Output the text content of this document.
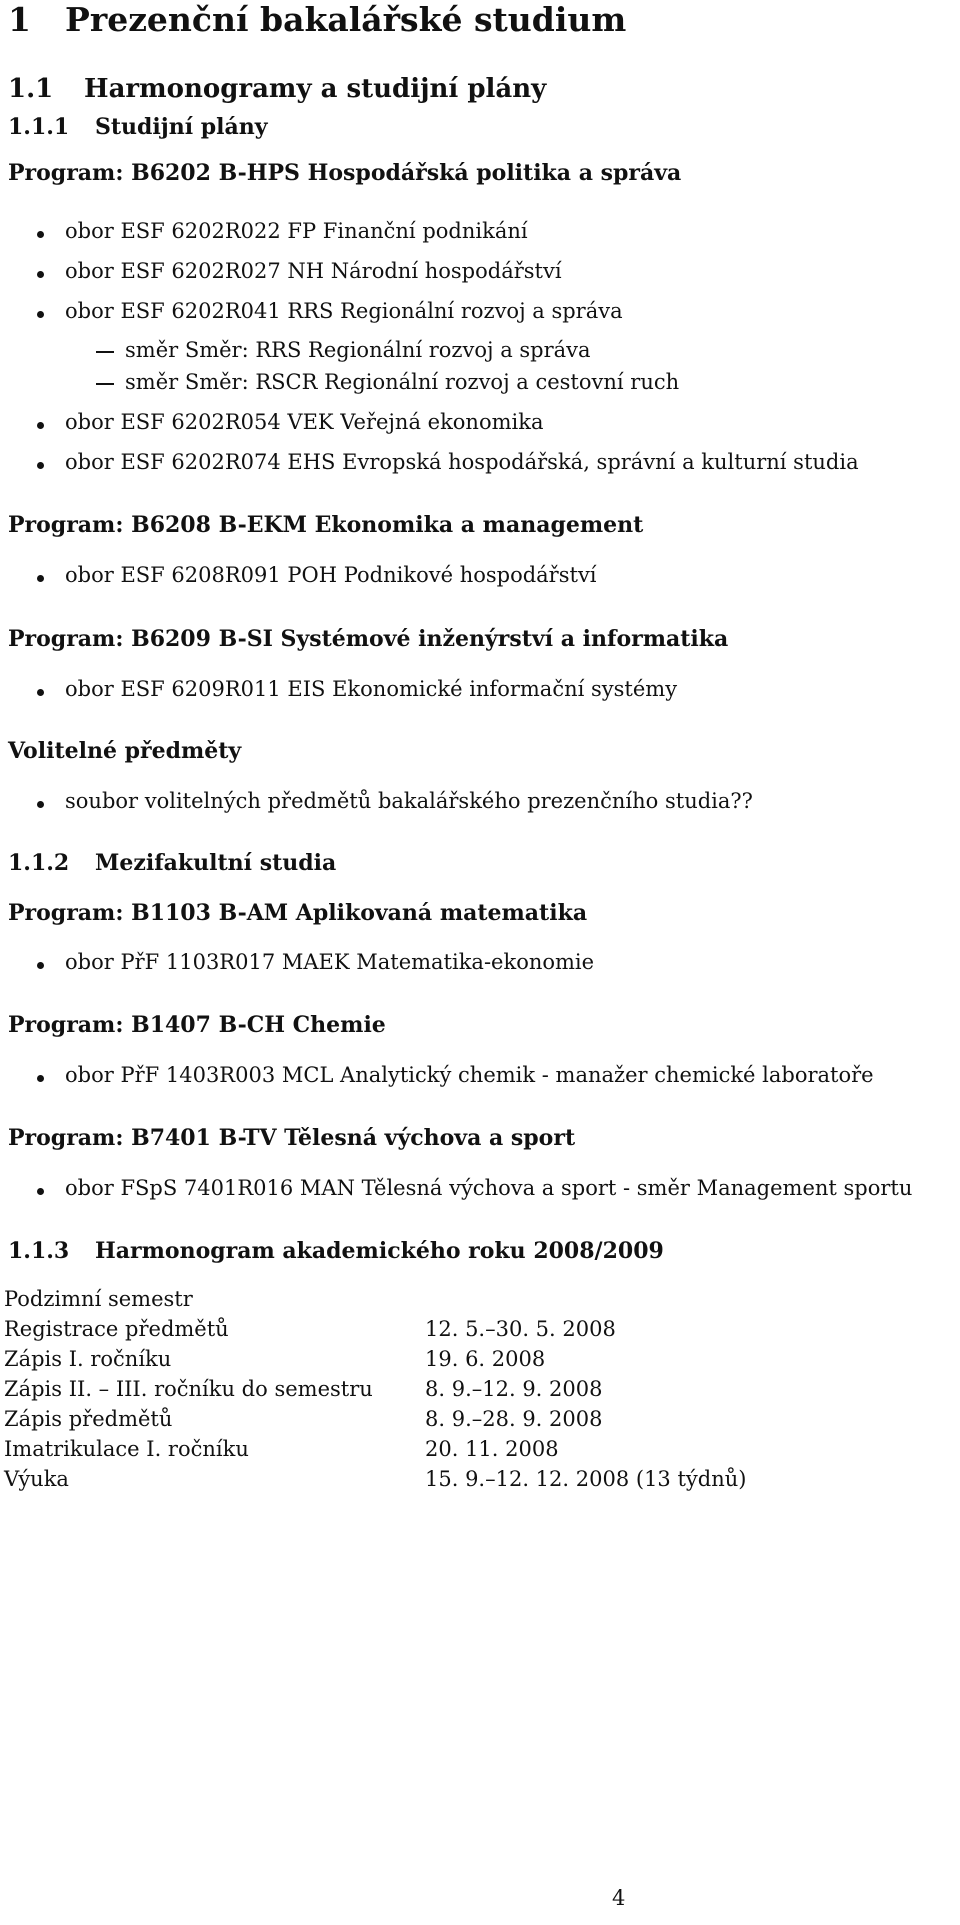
1 Prezenční bakalářské studium
1.1 Harmonogramy a studijní plány
1.1.1 Studijní plány
Program: B6202 B-HPS Hospodářská politika a správa
obor ESF 6202R022 FP Finanční podnikání
obor ESF 6202R027 NH Národní hospodářství
obor ESF 6202R041 RRS Regionální rozvoj a správa
směr Směr: RRS Regionální rozvoj a správa
směr Směr: RSCR Regionální rozvoj a cestovní ruch
obor ESF 6202R054 VEK Veřejná ekonomika
obor ESF 6202R074 EHS Evropská hospodářská, správní a kulturní studia
Program: B6208 B-EKM Ekonomika a management
obor ESF 6208R091 POH Podnikové hospodářství
Program: B6209 B-SI Systémové inženýrství a informatika
obor ESF 6209R011 EIS Ekonomické informační systémy
Volitelné předměty
soubor volitelných předmětů bakalářského prezenčního studia??
1.1.2 Mezifakultní studia
Program: B1103 B-AM Aplikovaná matematika
obor PřF 1103R017 MAEK Matematika-ekonomie
Program: B1407 B-CH Chemie
obor PřF 1403R003 MCL Analytický chemik - manažer chemické laboratoře
Program: B7401 B-TV Tělesná výchova a sport
obor FSpS 7401R016 MAN Tělesná výchova a sport - směr Management sportu
1.1.3 Harmonogram akademického roku 2008/2009
Podzimní semestr
Registrace předmětů	12. 5.–30. 5. 2008
Zápis I. ročníku	19. 6. 2008
Zápis II. – III. ročníku do semestru 8. 9.–12. 9. 2008
Zápis předmětů	8. 9.–28. 9. 2008
Imatrikulace I. ročníku	20. 11. 2008
Výuka	15. 9.–12. 12. 2008 (13 týdnů)
4
